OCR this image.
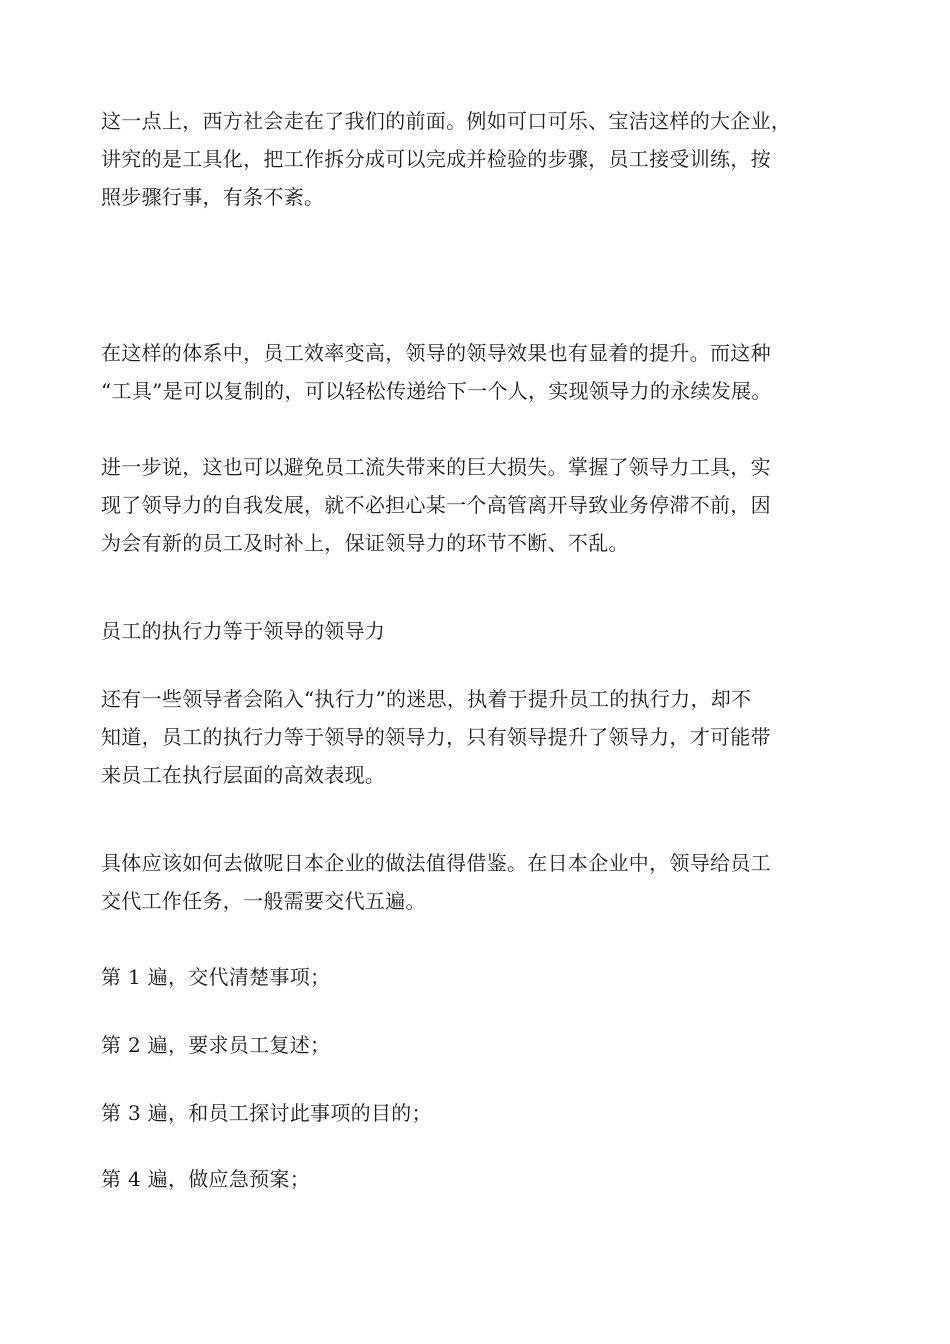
这一点上，西方社会走在了我们的前面。例如可口可乐、宝洁这样的大企业，
讲究的是工具化，把工作拆分成可以完成并检验的步骤，员工接受训练，按
照步骤行事，有条不紊。

在这样的体系中，员工效率变高，领导的领导效果也有显着的提升。而这种
“工具”是可以复制的，可以轻松传递给下一个人，实现领导力的永续发展。

进一步说，这也可以避免员工流失带来的巨大损失。掌握了领导力工具，实
现了领导力的自我发展，就不必担心某一个高管离开导致业务停滞不前，因
为会有新的员工及时补上，保证领导力的环节不断、不乱。

员工的执行力等于领导的领导力

还有一些领导者会陷入“执行力”的迷思，执着于提升员工的执行力，却不
知道，员工的执行力等于领导的领导力，只有领导提升了领导力，才可能带
来员工在执行层面的高效表现。

具体应该如何去做呢日本企业的做法值得借鉴。在日本企业中，领导给员工
交代工作任务，一般需要交代五遍。

第 1 遍，交代清楚事项；

第 2 遍，要求员工复述；

第 3 遍，和员工探讨此事项的目的；

第 4 遍，做应急预案；
